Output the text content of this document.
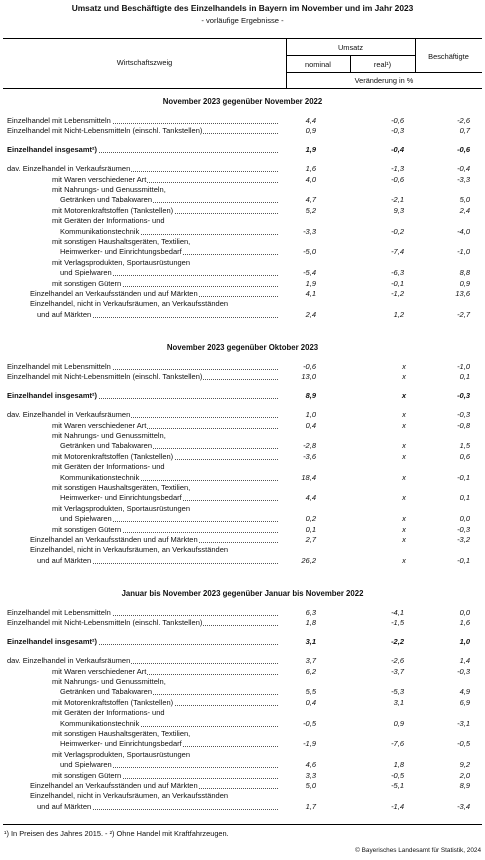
Umsatz und Beschäftigte des Einzelhandels in Bayern im November und im Jahr 2023
- vorläufige Ergebnisse -
Wirtschaftszweig
Umsatz
nominal	real¹)
Beschäftigte
Veränderung in %
November 2023 gegenüber November 2022
Einzelhandel mit Lebensmitteln	4,4	-0,6	-2,6
Einzelhandel mit Nicht-Lebensmitteln (einschl. Tankstellen)	0,9	-0,3	0,7
Einzelhandel insgesamt²)	1,9	-0,4	-0,6
dav. Einzelhandel in Verkaufsräumen	1,6	-1,3	-0,4
mit Waren verschiedener Art	4,0	-0,6	-3,3
mit Nahrungs- und Genussmitteln,
Getränken und Tabakwaren	4,7	-2,1	5,0
mit Motorenkraftstoffen (Tankstellen)	5,2	9,3	2,4
mit Geräten der Informations- und
Kommunikationstechnik	-3,3	-0,2	-4,0
mit sonstigen Haushaltsgeräten, Textilien,
Heimwerker- und Einrichtungsbedarf	-5,0	-7,4	-1,0
mit Verlagsprodukten, Sportausrüstungen
und Spielwaren	-5,4	-6,3	8,8
mit sonstigen Gütern	1,9	-0,1	0,9
Einzelhandel an Verkaufsständen und auf Märkten	4,1	-1,2	13,6
Einzelhandel, nicht in Verkaufsräumen, an Verkaufsständen
und auf Märkten	2,4	1,2	-2,7
November 2023 gegenüber Oktober 2023
Einzelhandel mit Lebensmitteln	-0,6	x	-1,0
Einzelhandel mit Nicht-Lebensmitteln (einschl. Tankstellen)	13,0	x	0,1
Einzelhandel insgesamt²)	8,9	x	-0,3
dav. Einzelhandel in Verkaufsräumen	1,0	x	-0,3
mit Waren verschiedener Art	0,4	x	-0,8
mit Nahrungs- und Genussmitteln,
Getränken und Tabakwaren	-2,8	x	1,5
mit Motorenkraftstoffen (Tankstellen)	-3,6	x	0,6
mit Geräten der Informations- und
Kommunikationstechnik	18,4	x	-0,1
mit sonstigen Haushaltsgeräten, Textilien,
Heimwerker- und Einrichtungsbedarf	4,4	x	0,1
mit Verlagsprodukten, Sportausrüstungen
und Spielwaren	0,2	x	0,0
mit sonstigen Gütern	0,1	x	-0,3
Einzelhandel an Verkaufsständen und auf Märkten	2,7	x	-3,2
Einzelhandel, nicht in Verkaufsräumen, an Verkaufsständen
und auf Märkten	26,2	x	-0,1
Januar bis November 2023 gegenüber Januar bis November 2022
Einzelhandel mit Lebensmitteln	6,3	-4,1	0,0
Einzelhandel mit Nicht-Lebensmitteln (einschl. Tankstellen)	1,8	-1,5	1,6
Einzelhandel insgesamt²)	3,1	-2,2	1,0
dav. Einzelhandel in Verkaufsräumen	3,7	-2,6	1,4
mit Waren verschiedener Art	6,2	-3,7	-0,3
mit Nahrungs- und Genussmitteln,
Getränken und Tabakwaren	5,5	-5,3	4,9
mit Motorenkraftstoffen (Tankstellen)	0,4	3,1	6,9
mit Geräten der Informations- und
Kommunikationstechnik	-0,5	0,9	-3,1
mit sonstigen Haushaltsgeräten, Textilien,
Heimwerker- und Einrichtungsbedarf	-1,9	-7,6	-0,5
mit Verlagsprodukten, Sportausrüstungen
und Spielwaren	4,6	1,8	9,2
mit sonstigen Gütern	3,3	-0,5	2,0
Einzelhandel an Verkaufsständen und auf Märkten	5,0	-5,1	8,9
Einzelhandel, nicht in Verkaufsräumen, an Verkaufsständen
und auf Märkten	1,7	-1,4	-3,4
¹) In Preisen des Jahres 2015. - ²) Ohne Handel mit Kraftfahrzeugen.
© Bayerisches Landesamt für Statistik, 2024
